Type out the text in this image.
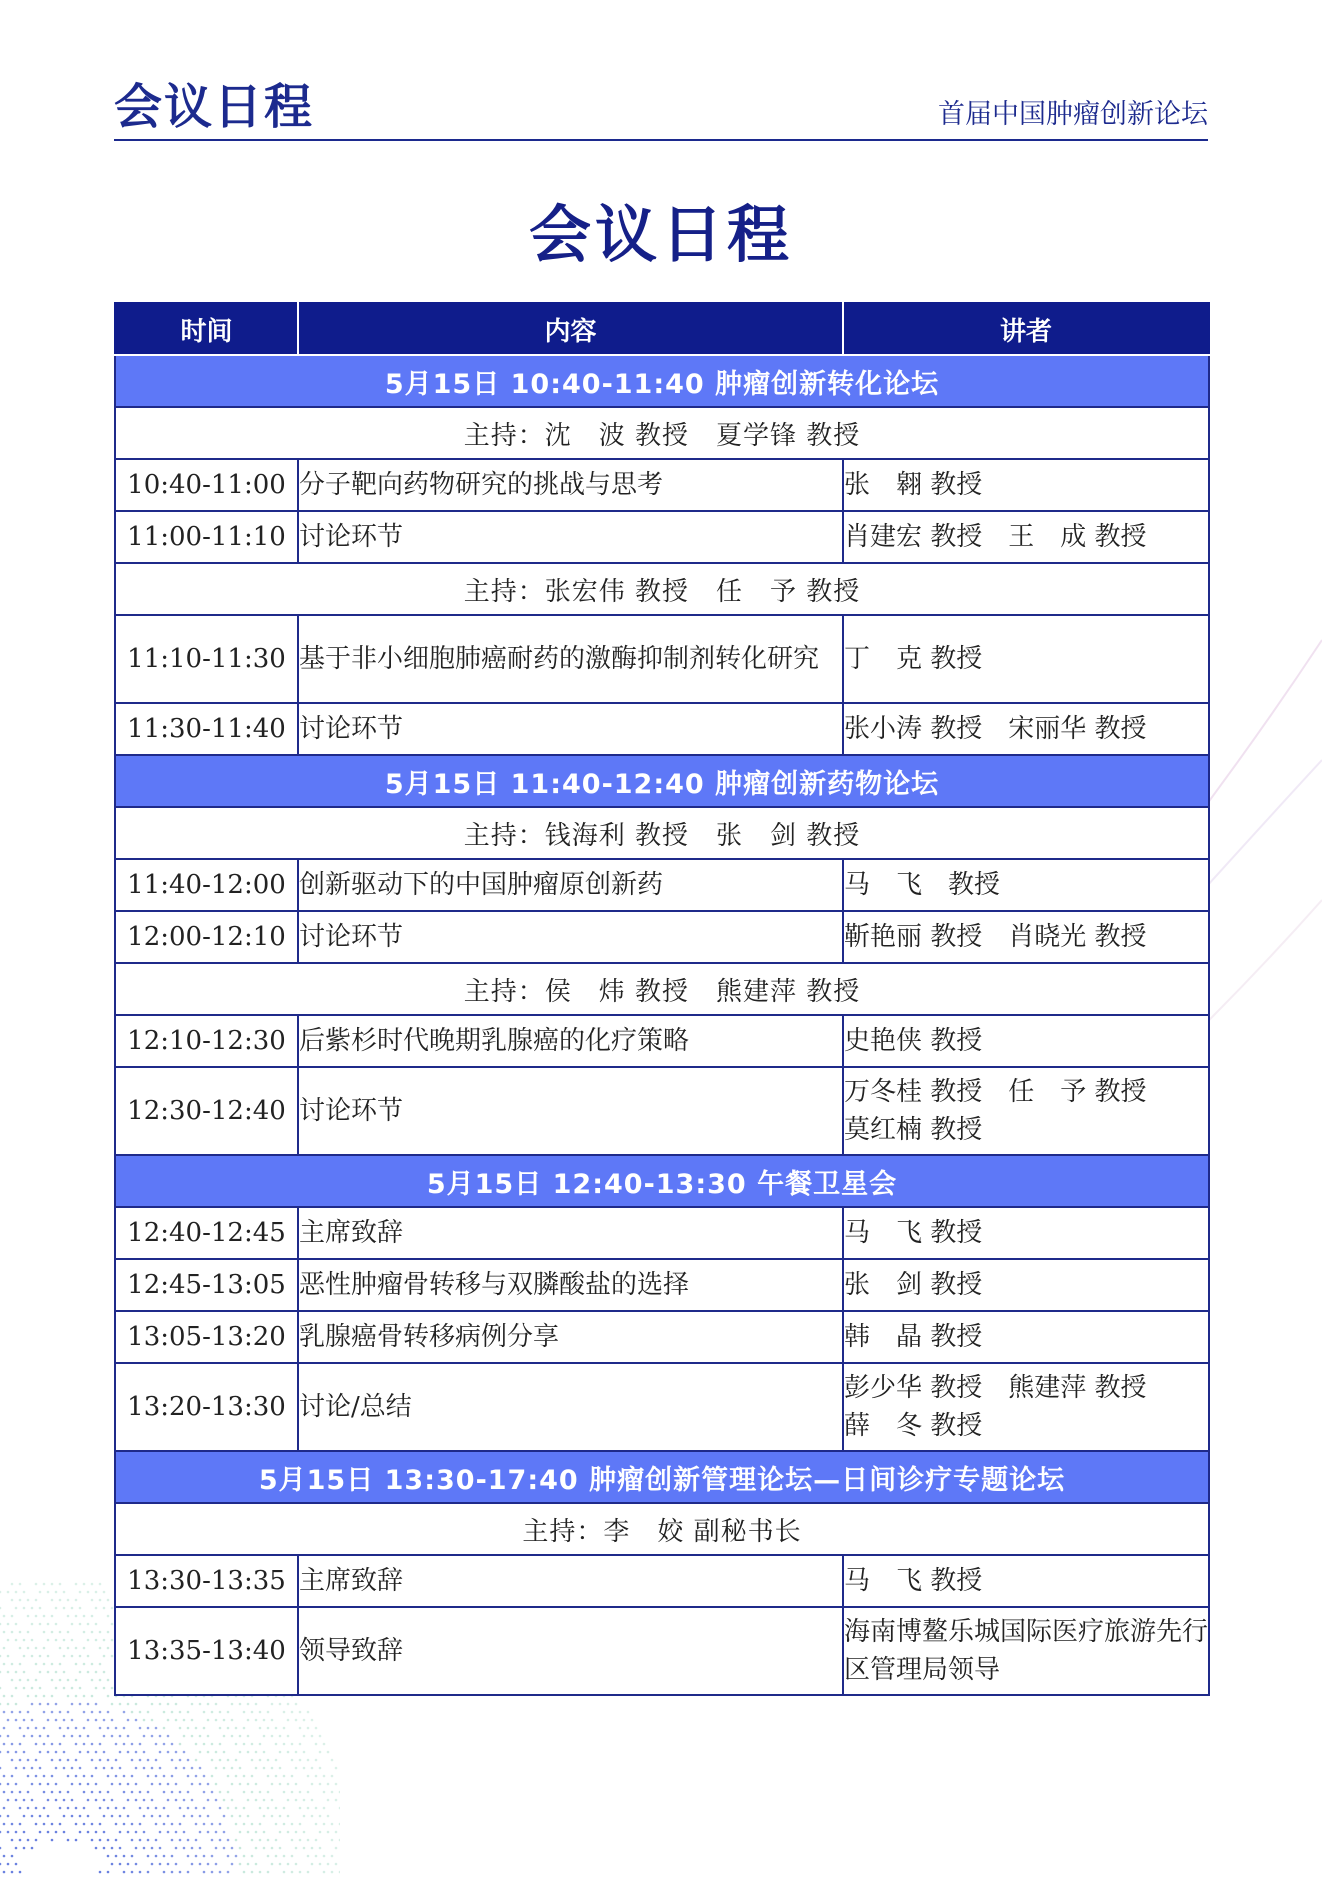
会议日程	首届中国肿瘤创新论坛
会议日程
时间	内容	讲者
5月15日 10:40-11:40 肿瘤创新转化论坛		
主持：沈　波 教授　夏学锋 教授		
10:40-11:00	分子靶向药物研究的挑战与思考	张　翱 教授
11:00-11:10	讨论环节	肖建宏 教授　王　成 教授
主持：张宏伟 教授　任　予 教授		
11:10-11:30	基于非小细胞肺癌耐药的激酶抑制剂转化研究	丁　克 教授
11:30-11:40	讨论环节	张小涛 教授　宋丽华 教授
5月15日 11:40-12:40 肿瘤创新药物论坛		
主持：钱海利 教授　张　剑 教授		
11:40-12:00	创新驱动下的中国肿瘤原创新药	马　飞　教授
12:00-12:10	讨论环节	靳艳丽 教授　肖晓光 教授
主持：侯　炜 教授　熊建萍 教授		
12:10-12:30	后紫杉时代晚期乳腺癌的化疗策略	史艳侠 教授
12:30-12:40	讨论环节	万冬桂 教授　任　予 教授
莫红楠 教授
5月15日 12:40-13:30 午餐卫星会		
12:40-12:45	主席致辞	马　飞 教授
12:45-13:05	恶性肿瘤骨转移与双膦酸盐的选择	张　剑 教授
13:05-13:20	乳腺癌骨转移病例分享	韩　晶 教授
13:20-13:30	讨论/总结	彭少华 教授　熊建萍 教授
薛　冬 教授
5月15日 13:30-17:40 肿瘤创新管理论坛—日间诊疗专题论坛		
主持：李　姣 副秘书长		
13:30-13:35	主席致辞	马　飞 教授
13:35-13:40	领导致辞	海南博鳌乐城国际医疗旅游先行区管理局领导
